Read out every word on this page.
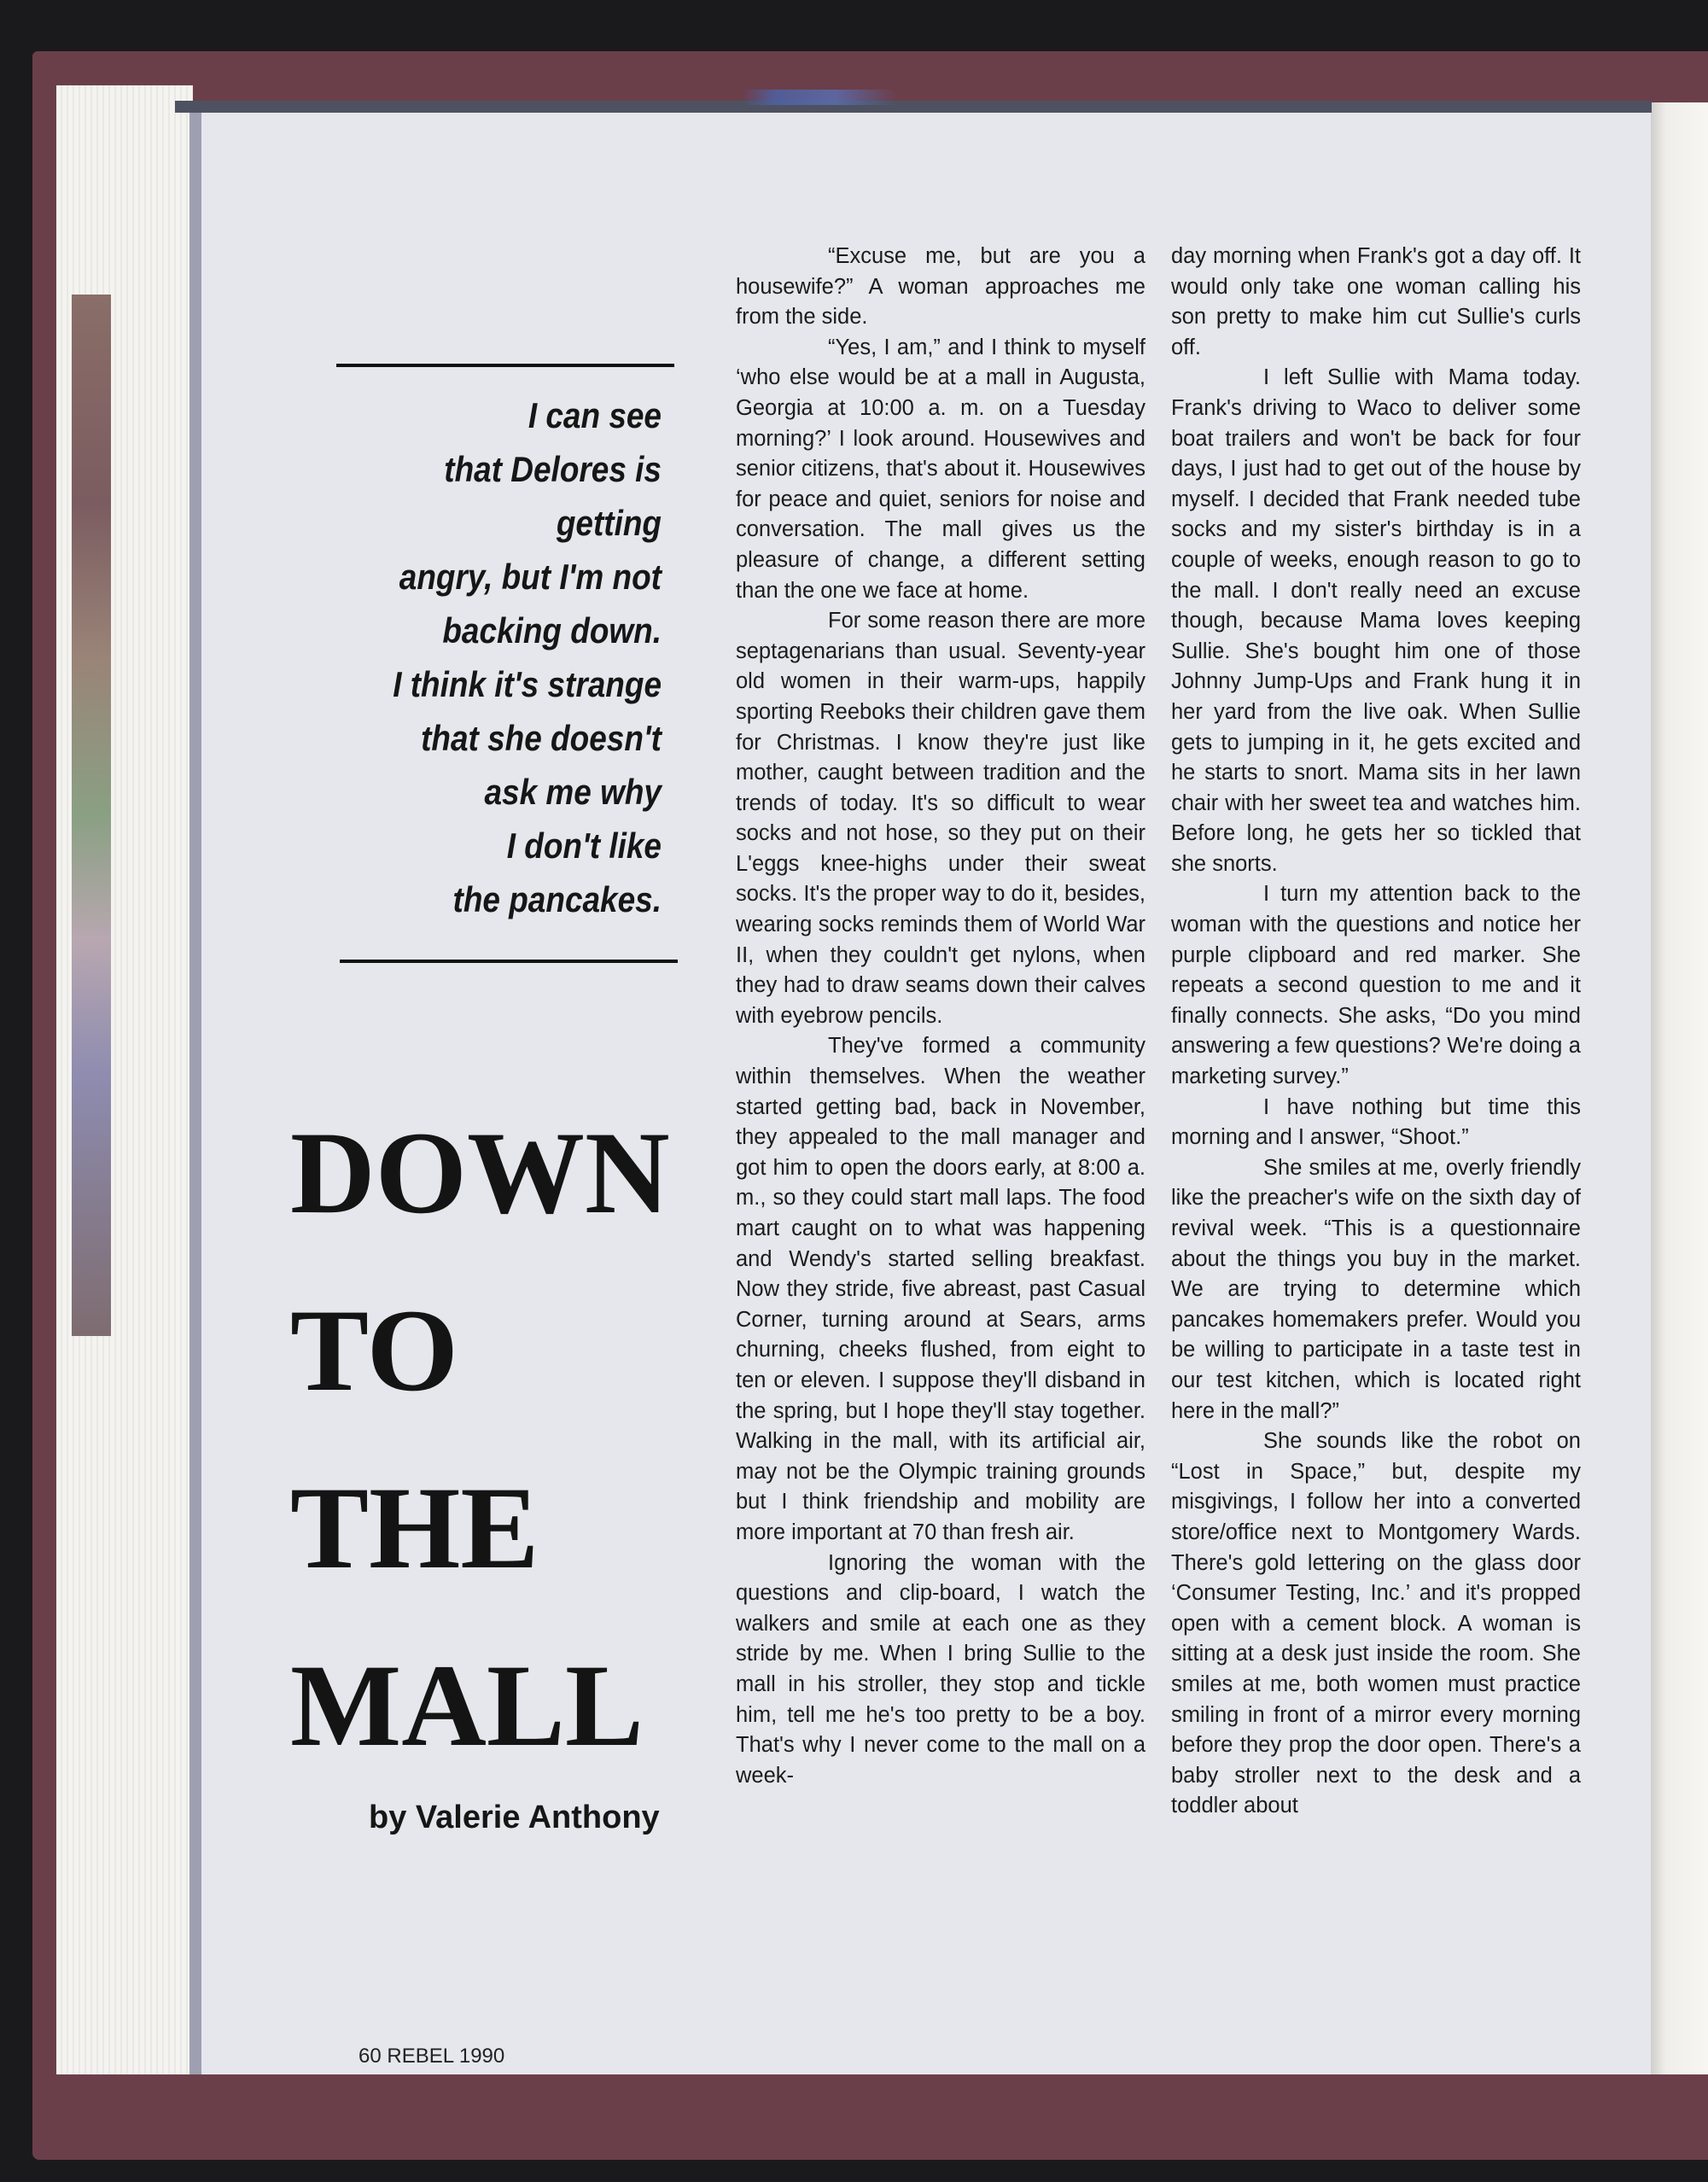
I can see
that Delores is
getting
angry, but I'm not
backing down.
I think it's strange
that she doesn't
ask me why
I don't like
the pancakes.
DOWN
TO
THE
MALL
by Valerie Anthony
60 REBEL 1990

“Excuse me, but are you a housewife?” A woman approaches me from the side.

“Yes, I am,” and I think to myself ‘who else would be at a mall in Augusta, Georgia at 10:00 a. m. on a Tuesday morning?’ I look around. Housewives and senior citizens, that's about it. Housewives for peace and quiet, seniors for noise and conversation. The mall gives us the pleasure of change, a different setting than the one we face at home.

For some reason there are more septagenarians than usual. Seventy-year old women in their warm-ups, happily sporting Reeboks their children gave them for Christmas. I know they're just like mother, caught between tradition and the trends of today. It's so difficult to wear socks and not hose, so they put on their L'eggs knee-highs under their sweat socks. It's the proper way to do it, besides, wearing socks reminds them of World War II, when they couldn't get nylons, when they had to draw seams down their calves with eyebrow pencils.

They've formed a community within themselves. When the weather started getting bad, back in November, they appealed to the mall manager and got him to open the doors early, at 8:00 a. m., so they could start mall laps. The food mart caught on to what was happening and Wendy's started selling breakfast. Now they stride, five abreast, past Casual Corner, turning around at Sears, arms churning, cheeks flushed, from eight to ten or eleven. I suppose they'll disband in the spring, but I hope they'll stay together. Walking in the mall, with its artificial air, may not be the Olympic training grounds but I think friendship and mobility are more important at 70 than fresh air.

Ignoring the woman with the questions and clip-board, I watch the walkers and smile at each one as they stride by me. When I bring Sullie to the mall in his stroller, they stop and tickle him, tell me he's too pretty to be a boy. That's why I never come to the mall on a week-

day morning when Frank's got a day off. It would only take one woman calling his son pretty to make him cut Sullie's curls off.

I left Sullie with Mama today. Frank's driving to Waco to deliver some boat trailers and won't be back for four days, I just had to get out of the house by myself. I decided that Frank needed tube socks and my sister's birthday is in a couple of weeks, enough reason to go to the mall. I don't really need an excuse though, because Mama loves keeping Sullie. She's bought him one of those Johnny Jump-Ups and Frank hung it in her yard from the live oak. When Sullie gets to jumping in it, he gets excited and he starts to snort. Mama sits in her lawn chair with her sweet tea and watches him. Before long, he gets her so tickled that she snorts.

I turn my attention back to the woman with the questions and notice her purple clipboard and red marker. She repeats a second question to me and it finally connects. She asks, “Do you mind answering a few questions? We're doing a marketing survey.”

I have nothing but time this morning and I answer, “Shoot.”

She smiles at me, overly friendly like the preacher's wife on the sixth day of revival week. “This is a questionnaire about the things you buy in the market. We are trying to determine which pancakes homemakers prefer. Would you be willing to participate in a taste test in our test kitchen, which is located right here in the mall?”

She sounds like the robot on “Lost in Space,” but, despite my misgivings, I follow her into a converted store/office next to Montgomery Wards. There's gold lettering on the glass door ‘Consumer Testing, Inc.’ and it's propped open with a cement block. A woman is sitting at a desk just inside the room. She smiles at me, both women must practice smiling in front of a mirror every morning before they prop the door open. There's a baby stroller next to the desk and a toddler about
